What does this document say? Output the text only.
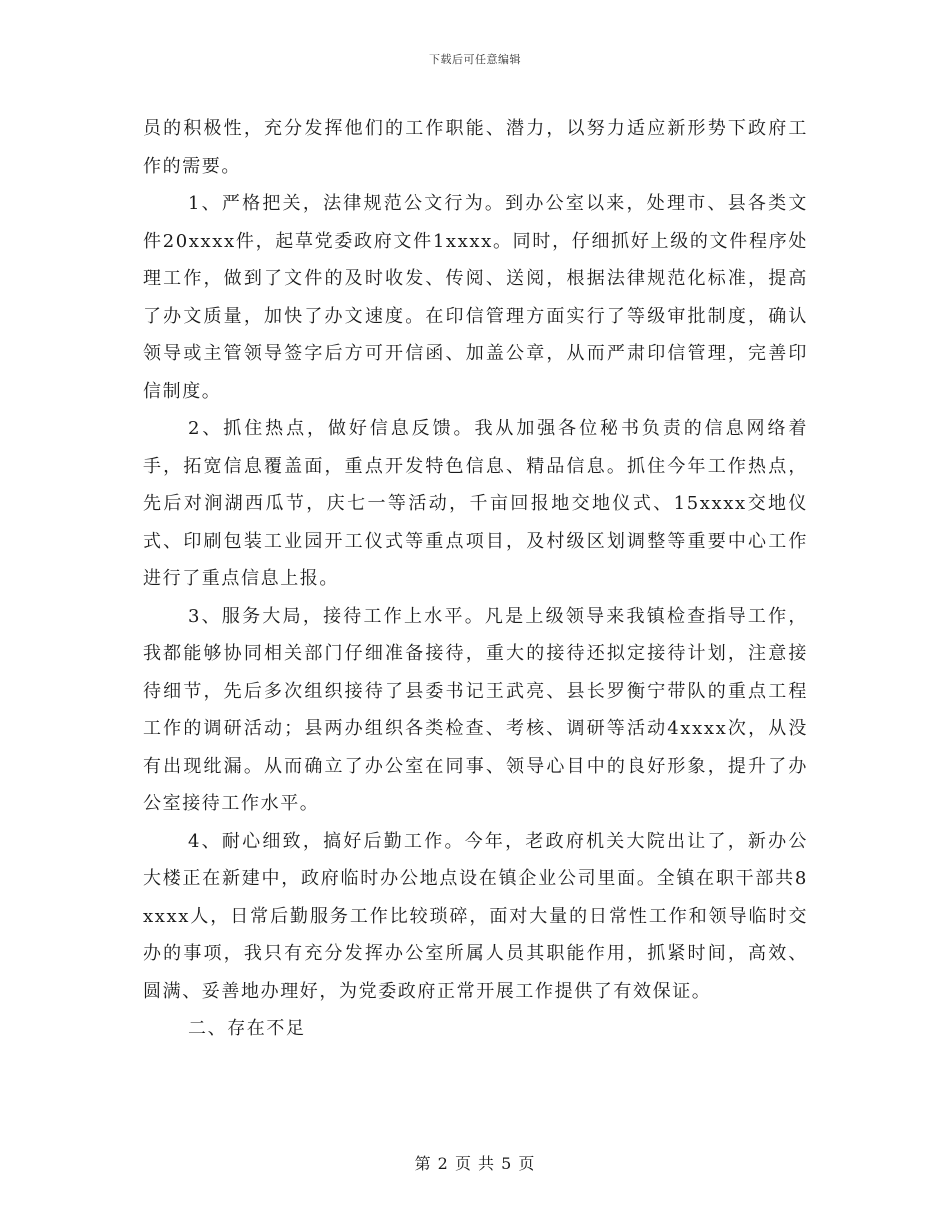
下载后可任意编辑

员的积极性，充分发挥他们的工作职能、潜力，以努力适应新形势下政府工作的需要。

1、严格把关，法律规范公文行为。到办公室以来，处理市、县各类文件20xxxx件，起草党委政府文件1xxxx。同时，仔细抓好上级的文件程序处理工作，做到了文件的及时收发、传阅、送阅，根据法律规范化标准，提高了办文质量，加快了办文速度。在印信管理方面实行了等级审批制度，确认领导或主管领导签字后方可开信函、加盖公章，从而严肃印信管理，完善印信制度。

2、抓住热点，做好信息反馈。我从加强各位秘书负责的信息网络着手，拓宽信息覆盖面，重点开发特色信息、精品信息。抓住今年工作热点，先后对涧湖西瓜节，庆七一等活动，千亩回报地交地仪式、15xxxx交地仪式、印刷包装工业园开工仪式等重点项目，及村级区划调整等重要中心工作进行了重点信息上报。

3、服务大局，接待工作上水平。凡是上级领导来我镇检查指导工作，我都能够协同相关部门仔细准备接待，重大的接待还拟定接待计划，注意接待细节，先后多次组织接待了县委书记王武亮、县长罗衡宁带队的重点工程工作的调研活动；县两办组织各类检查、考核、调研等活动4xxxx次，从没有出现纰漏。从而确立了办公室在同事、领导心目中的良好形象，提升了办公室接待工作水平。

4、耐心细致，搞好后勤工作。今年，老政府机关大院出让了，新办公大楼正在新建中，政府临时办公地点设在镇企业公司里面。全镇在职干部共8xxxx人，日常后勤服务工作比较琐碎，面对大量的日常性工作和领导临时交办的事项，我只有充分发挥办公室所属人员其职能作用，抓紧时间，高效、圆满、妥善地办理好，为党委政府正常开展工作提供了有效保证。

二、存在不足

第 2 页 共 5 页
